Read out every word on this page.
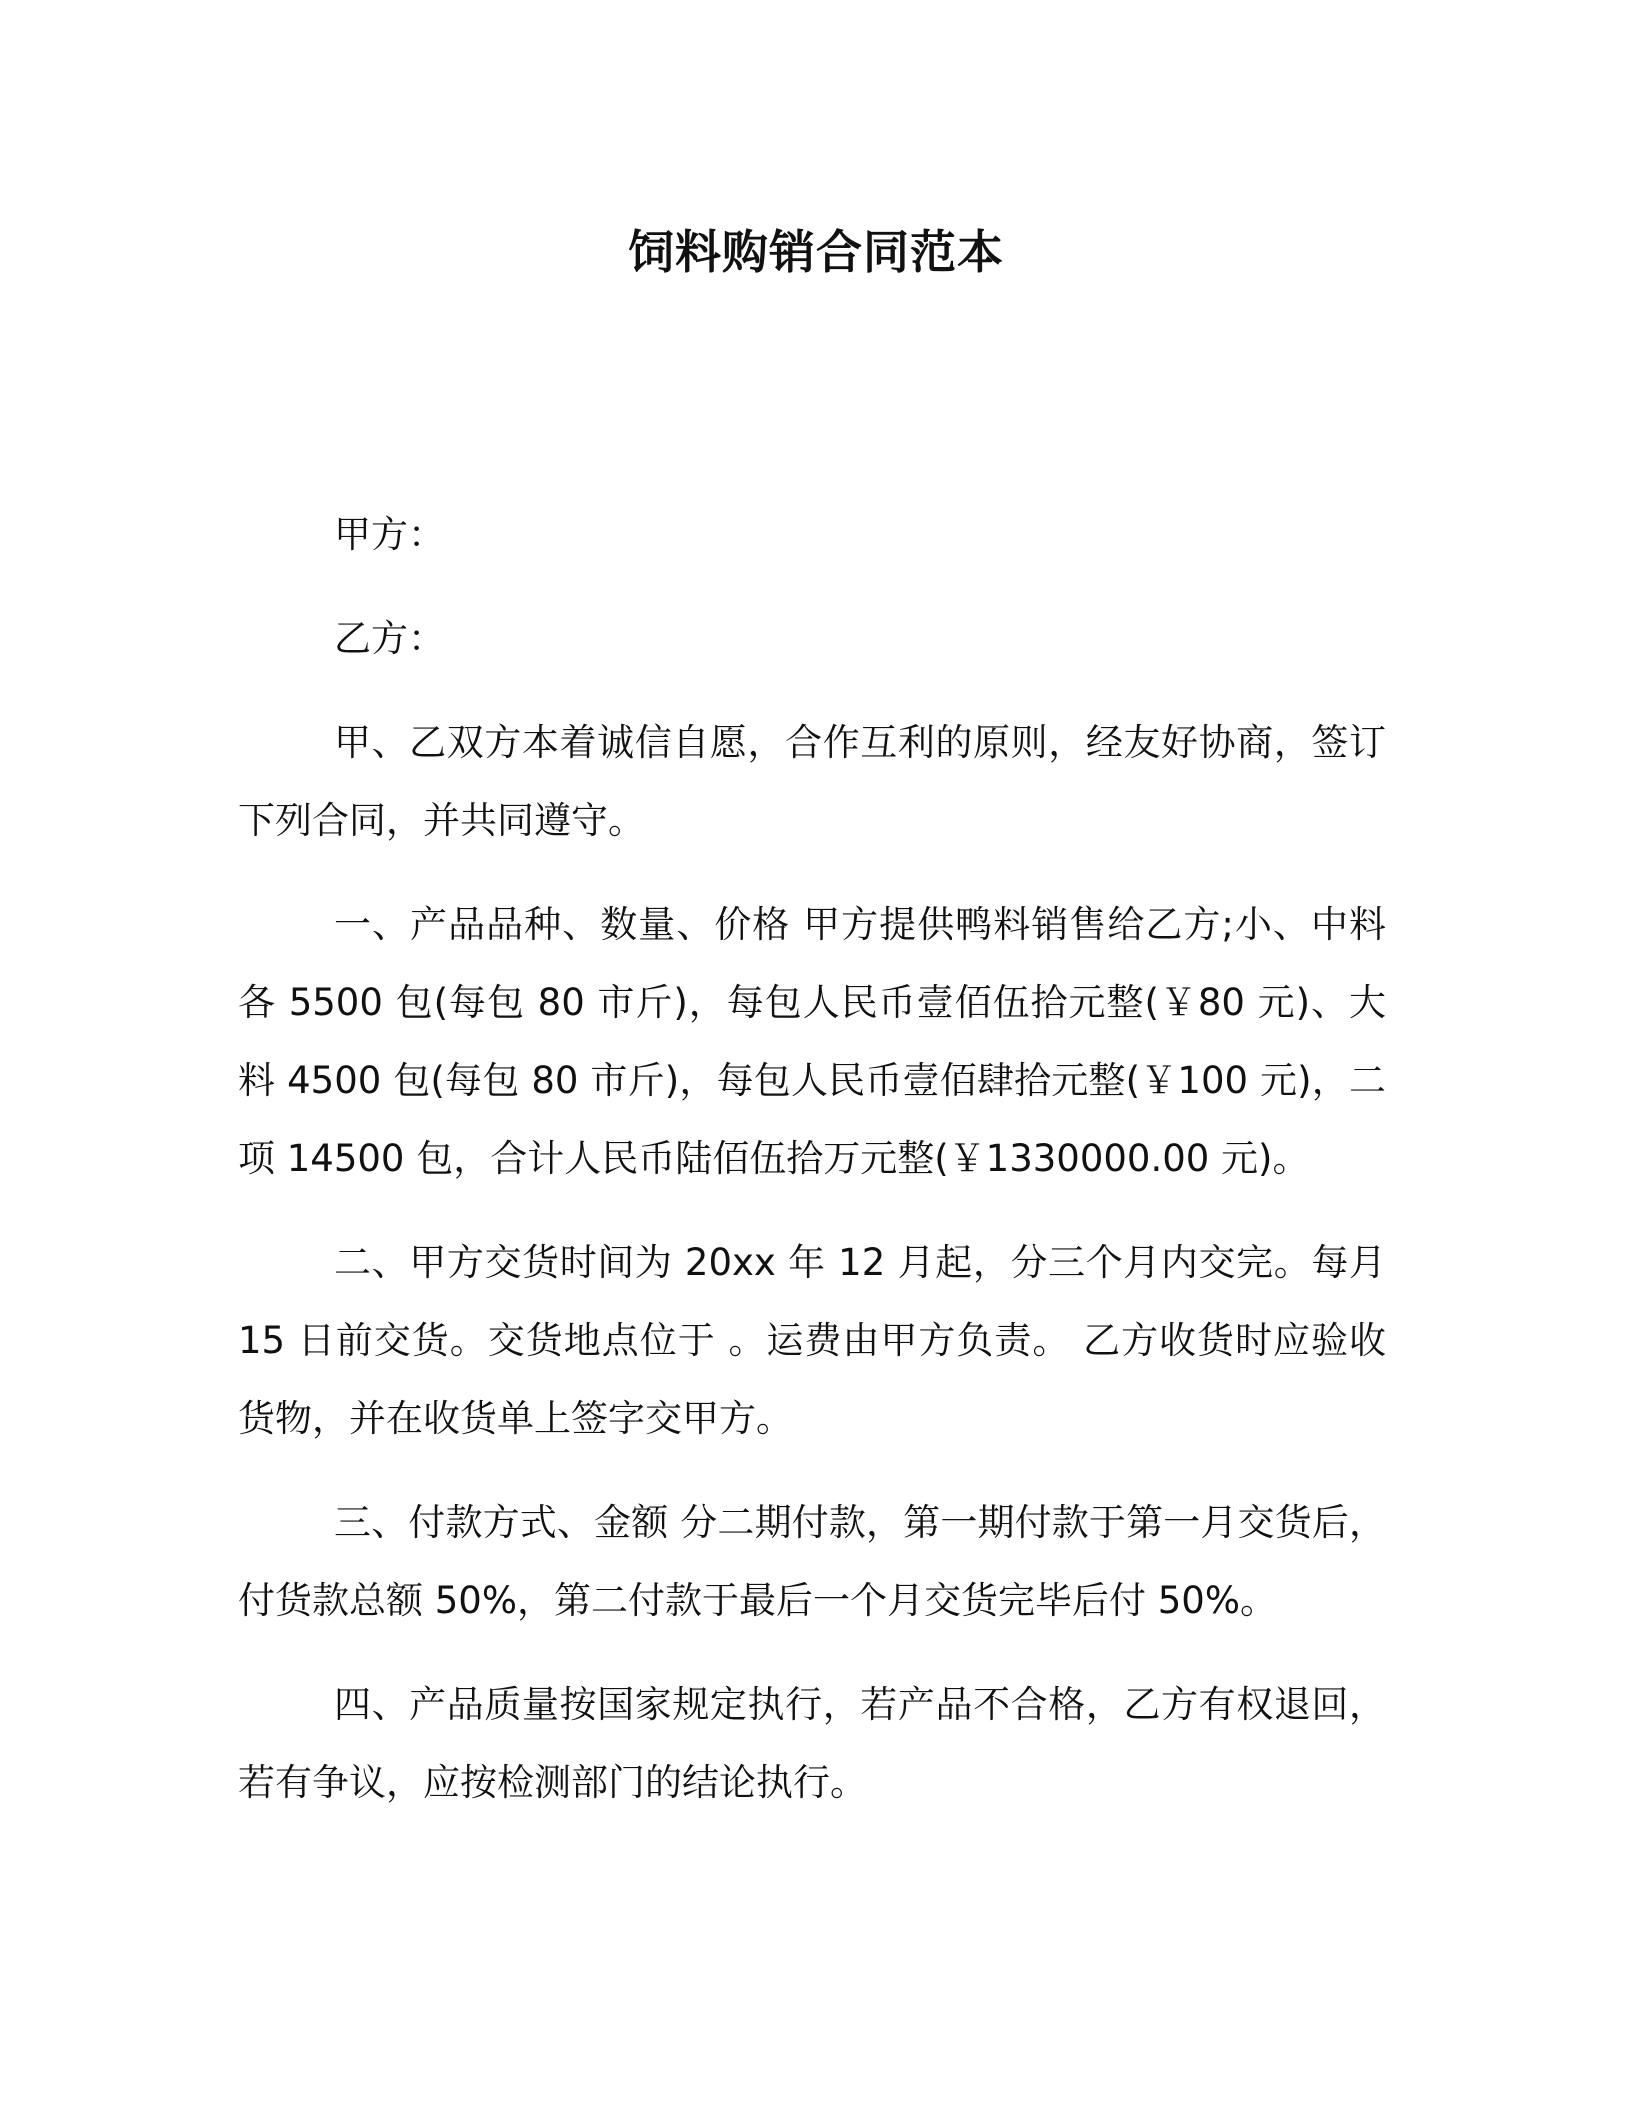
饲料购销合同范本

甲方：

乙方：

甲、乙双方本着诚信自愿，合作互利的原则，经友好协商，签订下列合同，并共同遵守。

一、产品品种、数量、价格 甲方提供鸭料销售给乙方;小、中料各 5500 包(每包 80 市斤)，每包人民币壹佰伍拾元整(￥80 元)、大料 4500 包(每包 80 市斤)，每包人民币壹佰肆拾元整(￥100 元)，二项 14500 包，合计人民币陆佰伍拾万元整(￥1330000.00 元)。

二、甲方交货时间为 20xx 年 12 月起，分三个月内交完。每月 15 日前交货。交货地点位于 。运费由甲方负责。 乙方收货时应验收货物，并在收货单上签字交甲方。

三、付款方式、金额 分二期付款，第一期付款于第一月交货后，付货款总额 50%，第二付款于最后一个月交货完毕后付 50%。

四、产品质量按国家规定执行，若产品不合格，乙方有权退回，若有争议，应按检测部门的结论执行。
